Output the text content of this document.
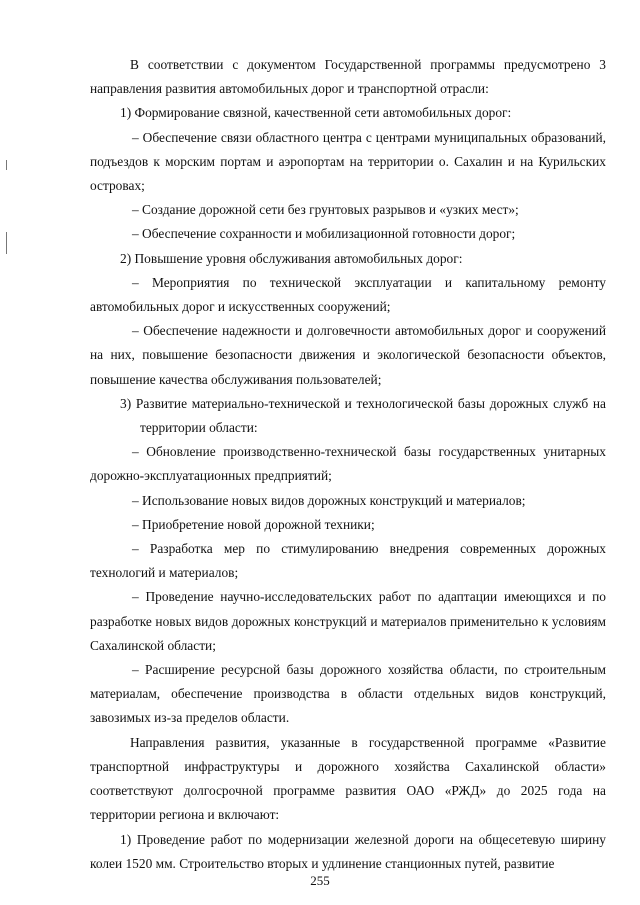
В соответствии с документом Государственной программы предусмотрено 3 направления развития автомобильных дорог и транспортной отрасли:

1) Формирование связной, качественной сети автомобильных дорог:

– Обеспечение связи областного центра с центрами муниципальных образований, подъездов к морским портам и аэропортам на территории о. Сахалин и на Курильских островах;

– Создание дорожной сети без грунтовых разрывов и «узких мест»;

– Обеспечение сохранности и мобилизационной готовности дорог;

2) Повышение уровня обслуживания автомобильных дорог:

– Мероприятия по технической эксплуатации и капитальному ремонту автомобильных дорог и искусственных сооружений;

– Обеспечение надежности и долговечности автомобильных дорог и сооружений на них, повышение безопасности движения и экологической безопасности объектов, повышение качества обслуживания пользователей;

3) Развитие материально-технической и технологической базы дорожных служб на территории области:

– Обновление производственно-технической базы государственных унитарных дорожно-эксплуатационных предприятий;

– Использование новых видов дорожных конструкций и материалов;

– Приобретение новой дорожной техники;

– Разработка мер по стимулированию внедрения современных дорожных технологий и материалов;

– Проведение научно-исследовательских работ по адаптации имеющихся и по разработке новых видов дорожных конструкций и материалов применительно к условиям Сахалинской области;

– Расширение ресурсной базы дорожного хозяйства области, по строительным материалам, обеспечение производства в области отдельных видов конструкций, завозимых из-за пределов области.

Направления развития, указанные в государственной программе «Развитие транспортной инфраструктуры и дорожного хозяйства Сахалинской области» соответствуют долгосрочной программе развития ОАО «РЖД» до 2025 года на территории региона и включают:

1) Проведение работ по модернизации железной дороги на общесетевую ширину колеи 1520 мм. Строительство вторых и удлинение станционных путей, развитие

255
